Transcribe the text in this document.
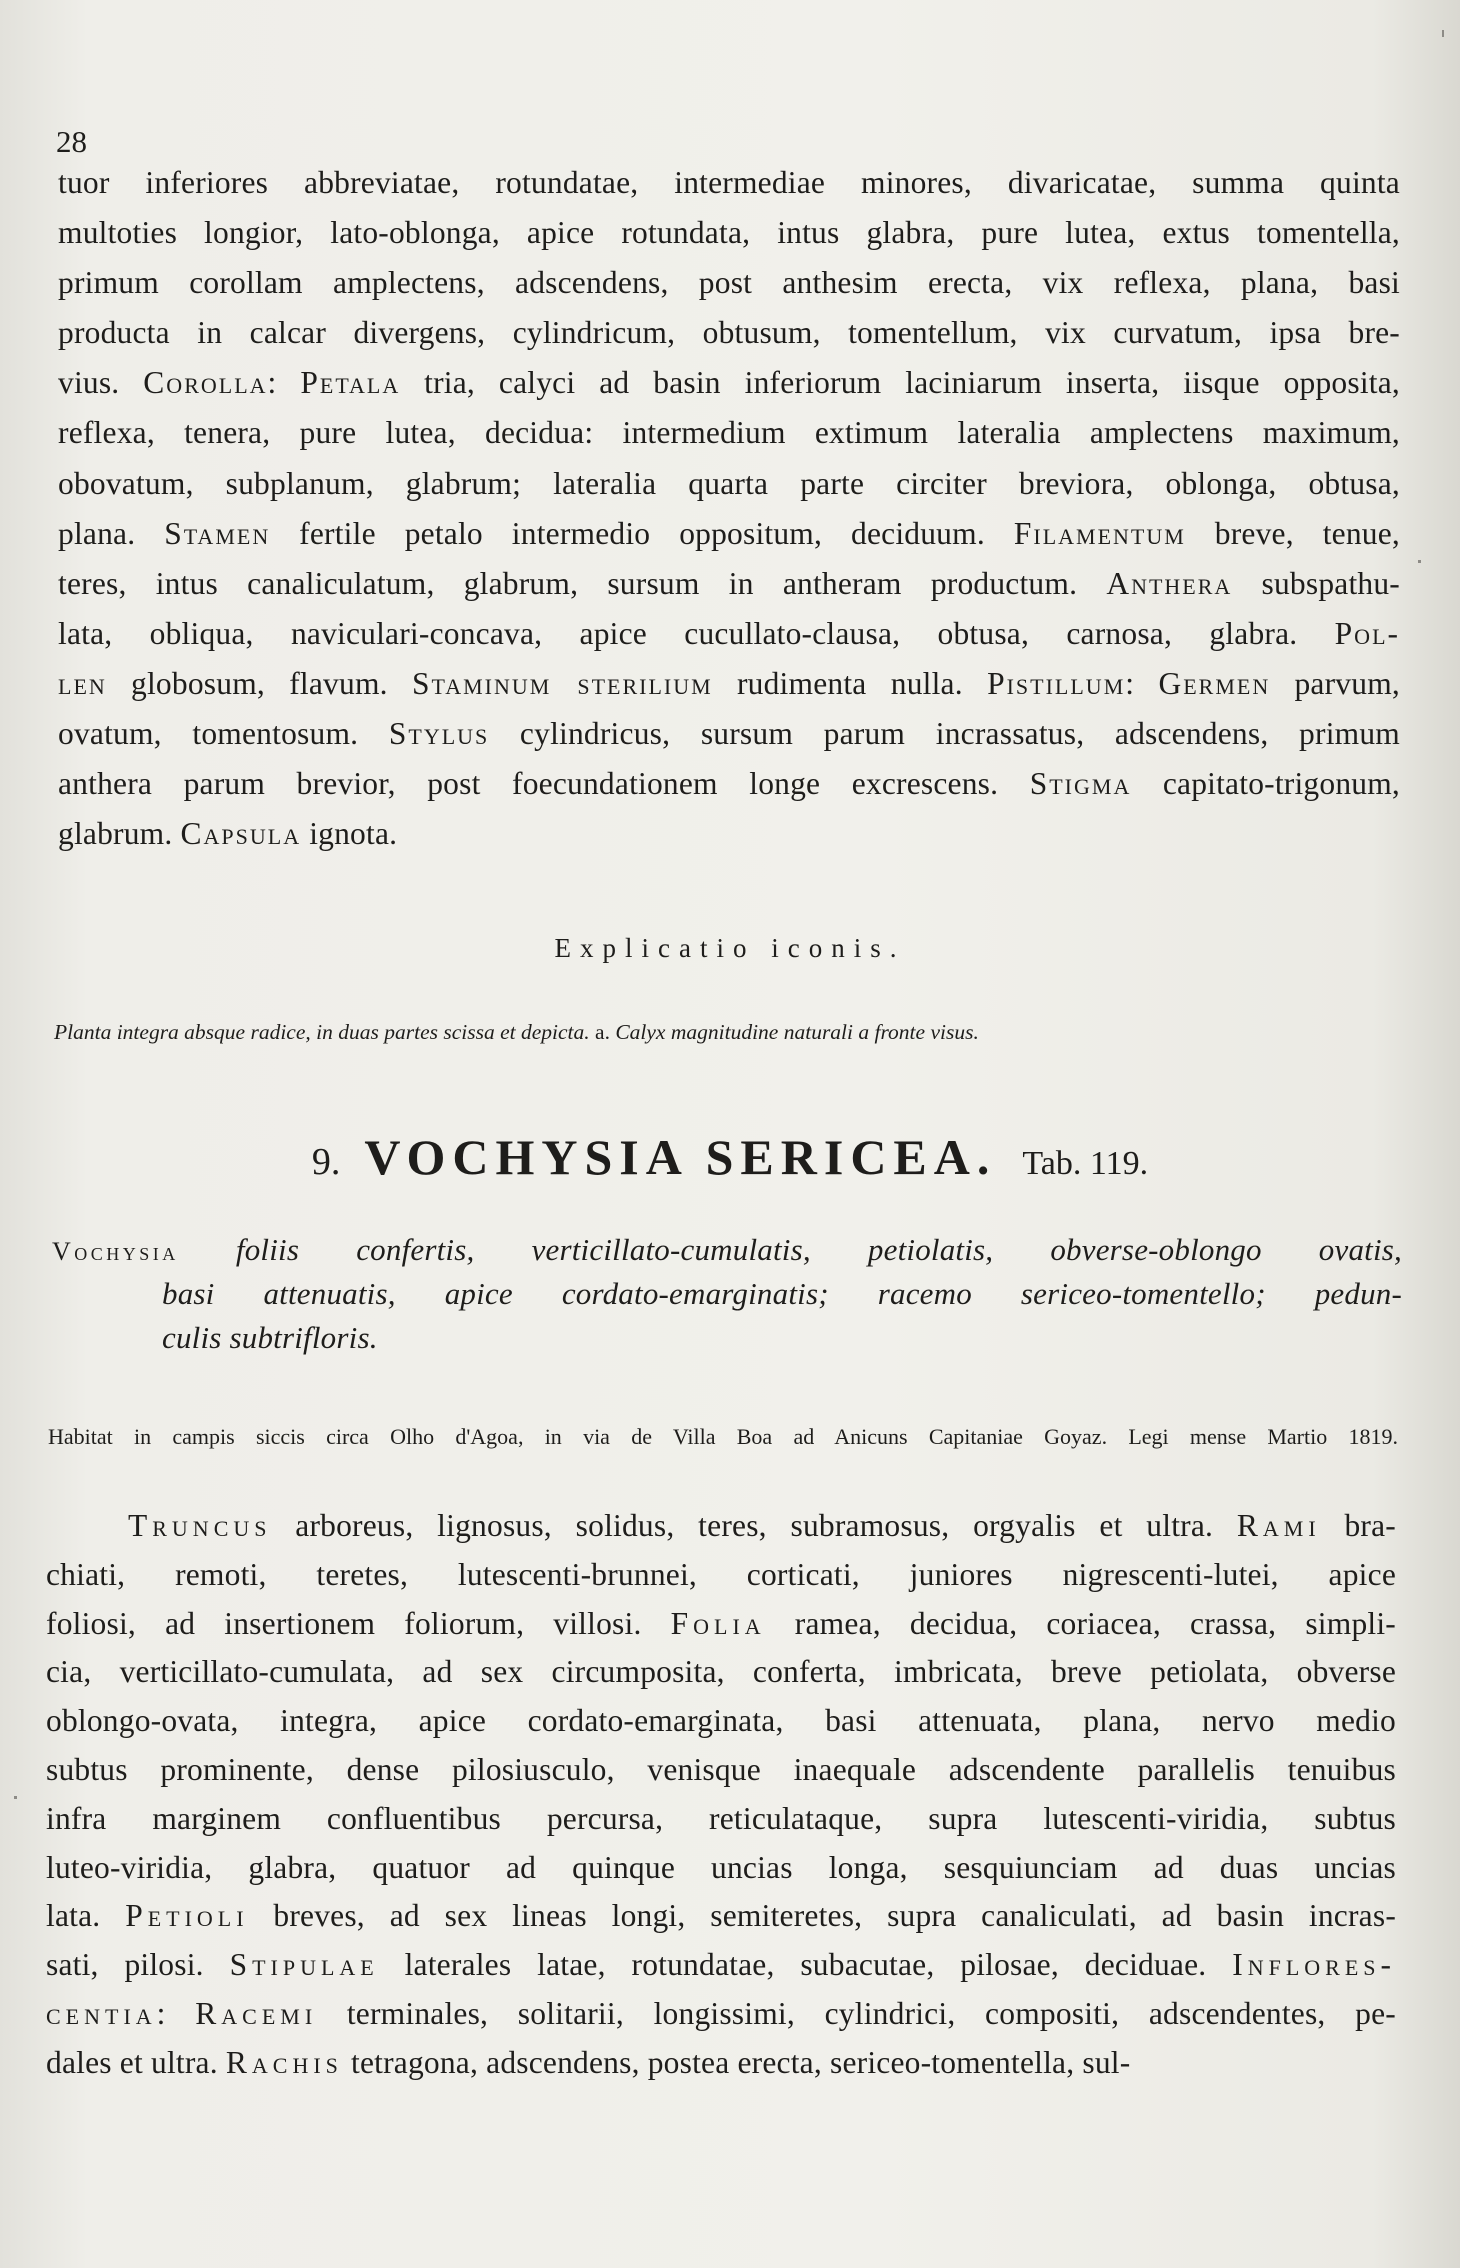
28
tuor inferiores abbreviatae, rotundatae, intermediae minores, divaricatae, summa quinta
multoties longior, lato-oblonga, apice rotundata, intus glabra, pure lutea, extus tomentella,
primum corollam amplectens, adscendens, post anthesim erecta, vix reflexa, plana, basi
producta in calcar divergens, cylindricum, obtusum, tomentellum, vix curvatum, ipsa bre-
vius. Corolla: Petala tria, calyci ad basin inferiorum laciniarum inserta, iisque opposita,
reflexa, tenera, pure lutea, decidua: intermedium extimum lateralia amplectens maximum,
obovatum, subplanum, glabrum; lateralia quarta parte circiter breviora, oblonga, obtusa,
plana. Stamen fertile petalo intermedio oppositum, deciduum. Filamentum breve, tenue,
teres, intus canaliculatum, glabrum, sursum in antheram productum. Anthera subspathu-
lata, obliqua, naviculari-concava, apice cucullato-clausa, obtusa, carnosa, glabra. Pol-
len globosum, flavum. Staminum sterilium rudimenta nulla. Pistillum: Germen parvum,
ovatum, tomentosum. Stylus cylindricus, sursum parum incrassatus, adscendens, primum
anthera parum brevior, post foecundationem longe excrescens. Stigma capitato-trigonum,
glabrum. Capsula ignota.
Explicatio iconis.
Planta integra absque radice, in duas partes scissa et depicta. a. Calyx magnitudine naturali a fronte visus.
9. VOCHYSIA SERICEA. Tab. 119.
Vochysia foliis confertis, verticillato-cumulatis, petiolatis, obverse-oblongo ovatis,
basi attenuatis, apice cordato-emarginatis; racemo sericeo-tomentello; pedun-
culis subtrifloris.
Habitat in campis siccis circa Olho d'Agoa, in via de Villa Boa ad Anicuns Capitaniae Goyaz. Legi mense Martio 1819.
Truncus arboreus, lignosus, solidus, teres, subramosus, orgyalis et ultra. Rami bra-
chiati, remoti, teretes, lutescenti-brunnei, corticati, juniores nigrescenti-lutei, apice
foliosi, ad insertionem foliorum, villosi. Folia ramea, decidua, coriacea, crassa, simpli-
cia, verticillato-cumulata, ad sex circumposita, conferta, imbricata, breve petiolata, obverse
oblongo-ovata, integra, apice cordato-emarginata, basi attenuata, plana, nervo medio
subtus prominente, dense pilosiusculo, venisque inaequale adscendente parallelis tenuibus
infra marginem confluentibus percursa, reticulataque, supra lutescenti-viridia, subtus
luteo-viridia, glabra, quatuor ad quinque uncias longa, sesquiunciam ad duas uncias
lata. Petioli breves, ad sex lineas longi, semiteretes, supra canaliculati, ad basin incras-
sati, pilosi. Stipulae laterales latae, rotundatae, subacutae, pilosae, deciduae. Inflores-
centia: Racemi terminales, solitarii, longissimi, cylindrici, compositi, adscendentes, pe-
dales et ultra. Rachis tetragona, adscendens, postea erecta, sericeo-tomentella, sul-
